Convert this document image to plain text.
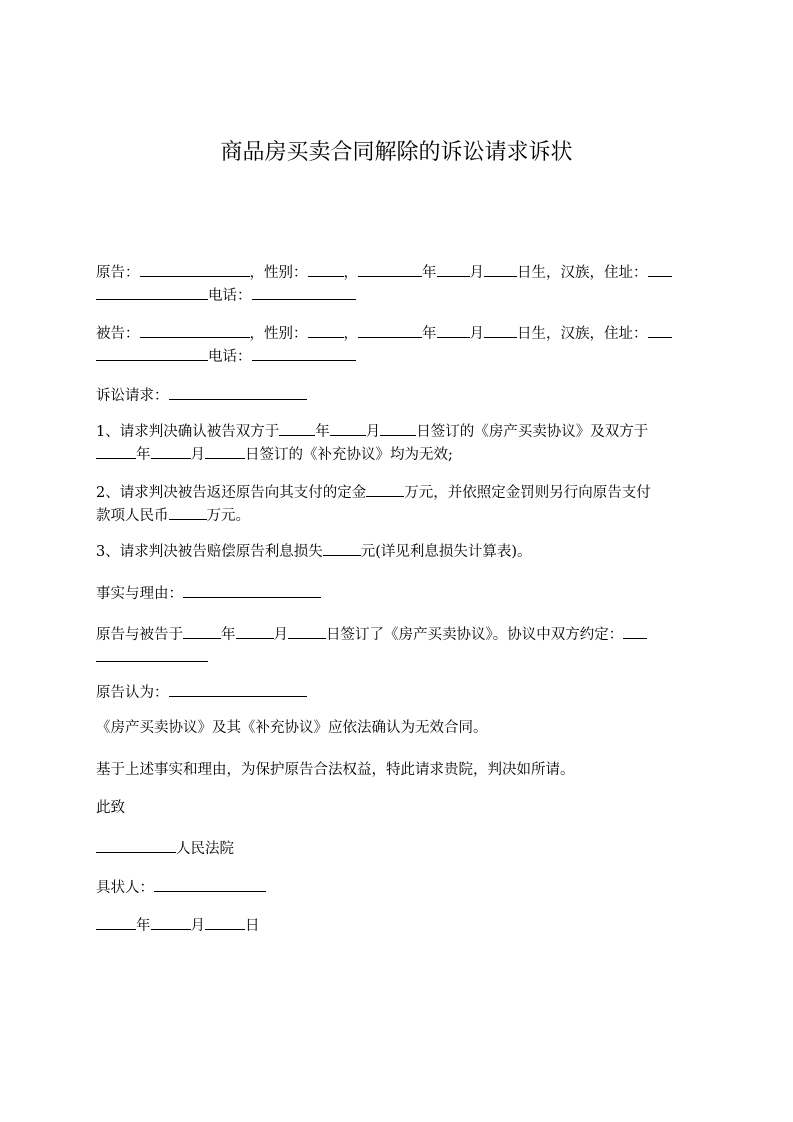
商品房买卖合同解除的诉讼请求诉状
原告：	，性别： ，	年 月 日生，汉族，住址：
电话：
被告：	，性别： ，	年 月 日生，汉族，住址：
电话：
诉讼请求：
1、请求判决确认被告双方于 年 月 日签订的《房产买卖协议》及双方于
年	月	日签订的《补充协议》均为无效;
2、请求判决被告返还原告向其支付的定金	万元，并依照定金罚则另行向原告支付
款项人民币	万元。
3、请求判决被告赔偿原告利息损失	元(详见利息损失计算表)。
事实与理由：
原告与被告于	年	月	日签订了《房产买卖协议》。协议中双方约定：
原告认为：
《房产买卖协议》及其《补充协议》应依法确认为无效合同。
基于上述事实和理由，为保护原告合法权益，特此请求贵院，判决如所请。
此致
人民法院
具状人：
年	月	日
